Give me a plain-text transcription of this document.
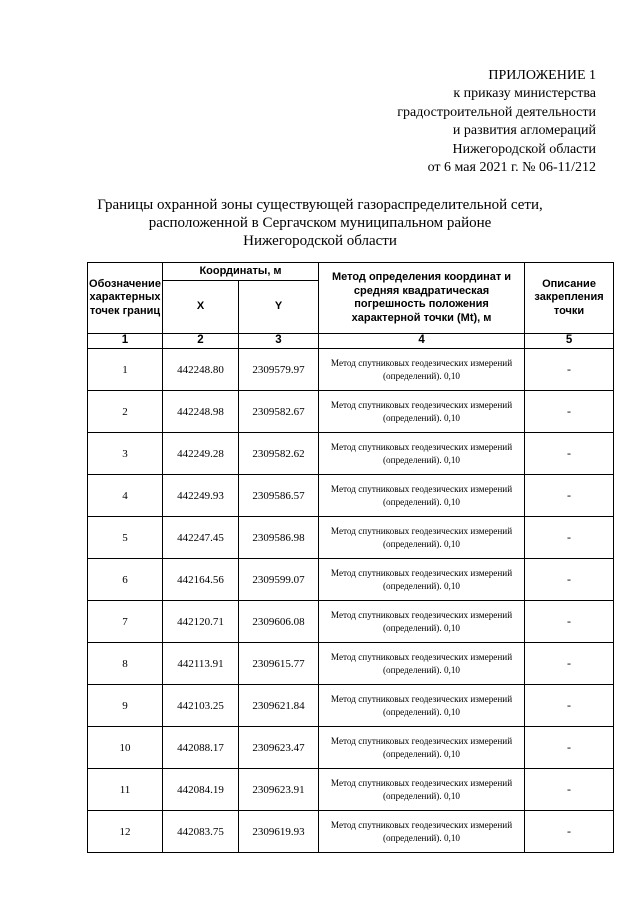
ПРИЛОЖЕНИЕ 1
к приказу министерства
градостроительной деятельности
и развития агломераций
Нижегородской области
от 6 мая 2021 г. № 06-11/212
Границы охранной зоны существующей газораспределительной сети,
расположенной в Сергачском муниципальном районе
Нижегородской области
Обозначение характерных точек границ	Координаты, м		Метод определения координат и средняя квадратическая погрешность положения характерной точки (Mt), м	Описание закрепления точки
	X	Y		
1	2	3	4	5
1	442248.80	2309579.97	Метод спутниковых геодезических измерений (определений). 0,10	-
2	442248.98	2309582.67	Метод спутниковых геодезических измерений (определений). 0,10	-
3	442249.28	2309582.62	Метод спутниковых геодезических измерений (определений). 0,10	-
4	442249.93	2309586.57	Метод спутниковых геодезических измерений (определений). 0,10	-
5	442247.45	2309586.98	Метод спутниковых геодезических измерений (определений). 0,10	-
6	442164.56	2309599.07	Метод спутниковых геодезических измерений (определений). 0,10	-
7	442120.71	2309606.08	Метод спутниковых геодезических измерений (определений). 0,10	-
8	442113.91	2309615.77	Метод спутниковых геодезических измерений (определений). 0,10	-
9	442103.25	2309621.84	Метод спутниковых геодезических измерений (определений). 0,10	-
10	442088.17	2309623.47	Метод спутниковых геодезических измерений (определений). 0,10	-
11	442084.19	2309623.91	Метод спутниковых геодезических измерений (определений). 0,10	-
12	442083.75	2309619.93	Метод спутниковых геодезических измерений (определений). 0,10	-
